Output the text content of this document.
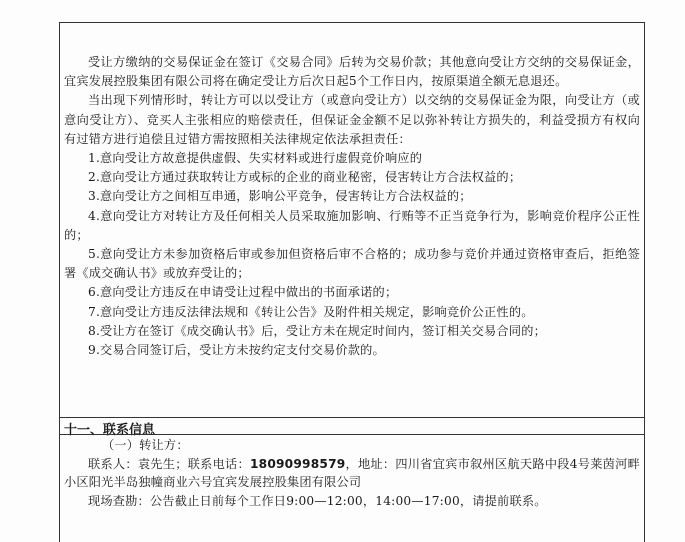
受让方缴纳的交易保证金在签订《交易合同》后转为交易价款；其他意向受让方交纳的交易保证金，宜宾发展控股集团有限公司将在确定受让方后次日起5个工作日内，按原渠道全额无息退还。

当出现下列情形时，转让方可以以受让方（或意向受让方）以交纳的交易保证金为限，向受让方（或意向受让方）、竞买人主张相应的赔偿责任，但保证金金额不足以弥补转让方损失的，利益受损方有权向有过错方进行追偿且过错方需按照相关法律规定依法承担责任：

1.意向受让方故意提供虚假、失实材料或进行虚假竞价响应的

2.意向受让方通过获取转让方或标的企业的商业秘密，侵害转让方合法权益的；

3.意向受让方之间相互串通，影响公平竞争，侵害转让方合法权益的；

4.意向受让方对转让方及任何相关人员采取施加影响、行贿等不正当竞争行为，影响竞价程序公正性的；

5.意向受让方未参加资格后审或参加但资格后审不合格的；成功参与竞价并通过资格审查后，拒绝签署《成交确认书》或放弃受让的；

6.意向受让方违反在申请受让过程中做出的书面承诺的；

7.意向受让方违反法律法规和《转让公告》及附件相关规定，影响竞价公正性的。

8.受让方在签订《成交确认书》后，受让方未在规定时间内，签订相关交易合同的；

9.交易合同签订后，受让方未按约定支付交易价款的。

十一、联系信息

（一）转让方：

联系人：袁先生；联系电话：18090998579，地址：四川省宜宾市叙州区航天路中段4号莱茵河畔小区阳光半岛独幢商业六号宜宾发展控股集团有限公司

现场查勘：公告截止日前每个工作日9:00—12:00，14:00—17:00，请提前联系。
